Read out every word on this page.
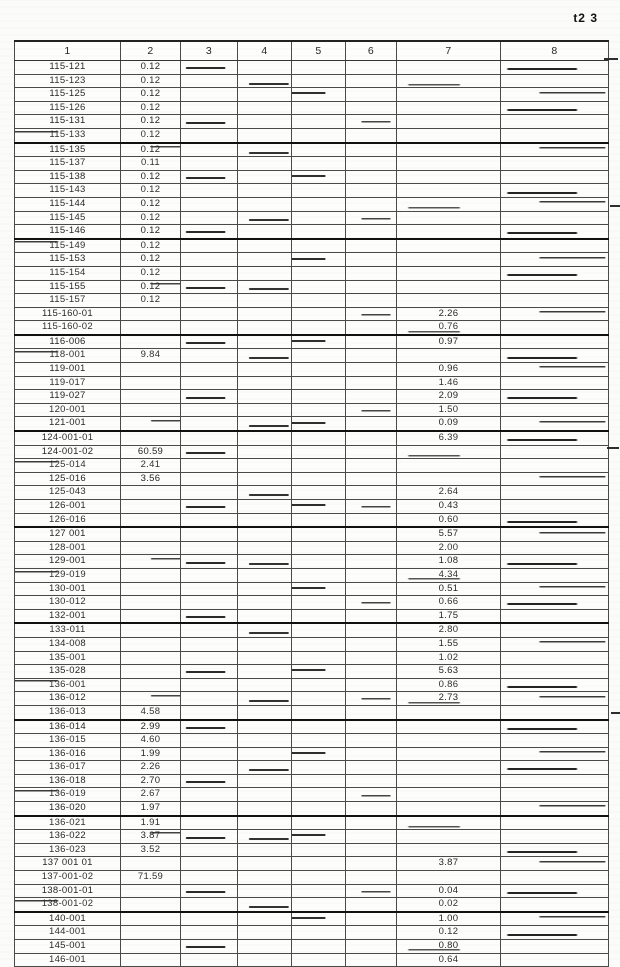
t2 3
1	2	3	4	5	6	7	8
115-121	0.12						
115-123	0.12						
115-125	0.12						
115-126	0.12						
115-131	0.12						
115-133	0.12						
115-135	0.12						
115-137	0.11						
115-138	0.12						
115-143	0.12						
115-144	0.12						
115-145	0.12						
115-146	0.12						
115-149	0.12						
115-153	0.12						
115-154	0.12						
115-155	0.12						
115-157	0.12						
115-160-01						2.26	
115-160-02						0.76	
116-006						0.97	
118-001	9.84						
119-001						0.96	
119-017						1.46	
119-027						2.09	
120-001						1.50	
121-001						0.09	
124-001-01						6.39	
124-001-02	60.59						
125-014	2.41						
125-016	3.56						
125-043						2.64	
126-001						0.43	
126-016						0.60	
127 001						5.57	
128-001						2.00	
129-001						1.08	
129-019						4.34	
130-001						0.51	
130-012						0.66	
132-001						1.75	
133-011						2.80	
134-008						1.55	
135-001						1.02	
135-028						5.63	
136-001						0.86	
136-012						2.73	
136-013	4.58						
136-014	2.99						
136-015	4.60						
136-016	1.99						
136-017	2.26						
136-018	2.70						
136-019	2.67						
136-020	1.97						
136-021	1.91						
136-022	3.87						
136-023	3.52						
137 001 01						3.87	
137-001-02	71.59						
138-001-01						0.04	
138-001-02						0.02	
140-001						1.00	
144-001						0.12	
145-001						0.80	
146-001						0.64	
